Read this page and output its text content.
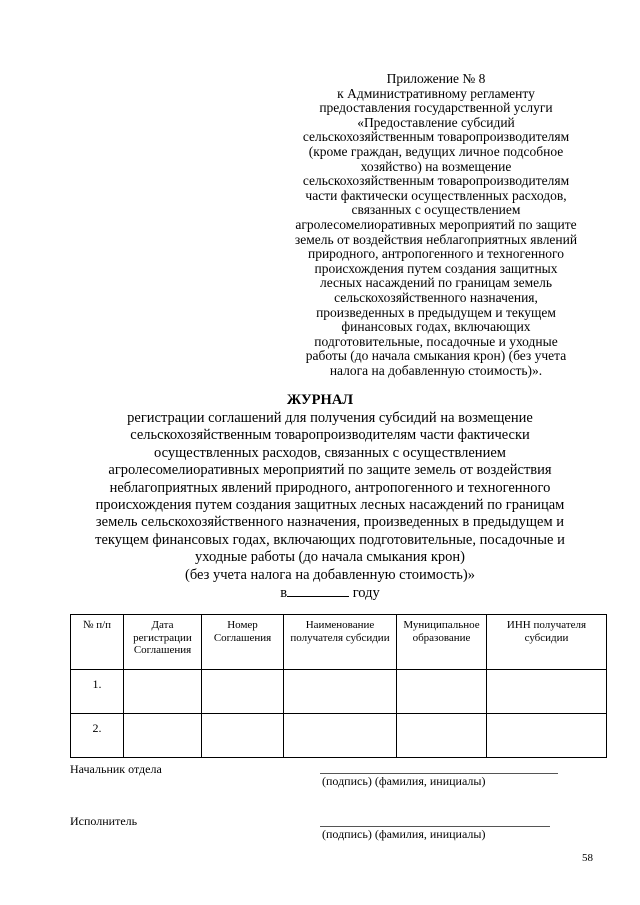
Приложение № 8
к Административному регламенту
предоставления государственной услуги
«Предоставление субсидий
сельскохозяйственным товаропроизводителям
(кроме граждан, ведущих личное подсобное
хозяйство) на возмещение
сельскохозяйственным товаропроизводителям
части фактически осуществленных расходов,
связанных с осуществлением
агролесомелиоративных мероприятий по защите
земель от воздействия неблагоприятных явлений
природного, антропогенного и техногенного
происхождения путем создания защитных
лесных насаждений по границам земель
сельскохозяйственного назначения,
произведенных в предыдущем и текущем
финансовых годах, включающих
подготовительные, посадочные и уходные
работы (до начала смыкания крон) (без учета
налога на добавленную стоимость)».
ЖУРНАЛ
регистрации соглашений для получения субсидий на возмещение
сельскохозяйственным товаропроизводителям части фактически
осуществленных расходов, связанных с осуществлением
агролесомелиоративных мероприятий по защите земель от воздействия
неблагоприятных явлений природного, антропогенного и техногенного
происхождения путем создания защитных лесных насаждений по границам
земель сельскохозяйственного назначения, произведенных в предыдущем и
текущем финансовых годах, включающих подготовительные, посадочные и
уходные работы (до начала смыкания крон)
(без учета налога на добавленную стоимость)»
в	году
№ п/п	Дата регистрации Соглашения	Номер Соглашения	Наименование получателя субсидии	Муниципальное образование	ИНН получателя субсидии
1.					
2.					
Начальник отдела
(подпись) (фамилия, инициалы)
Исполнитель
(подпись) (фамилия, инициалы)
58
